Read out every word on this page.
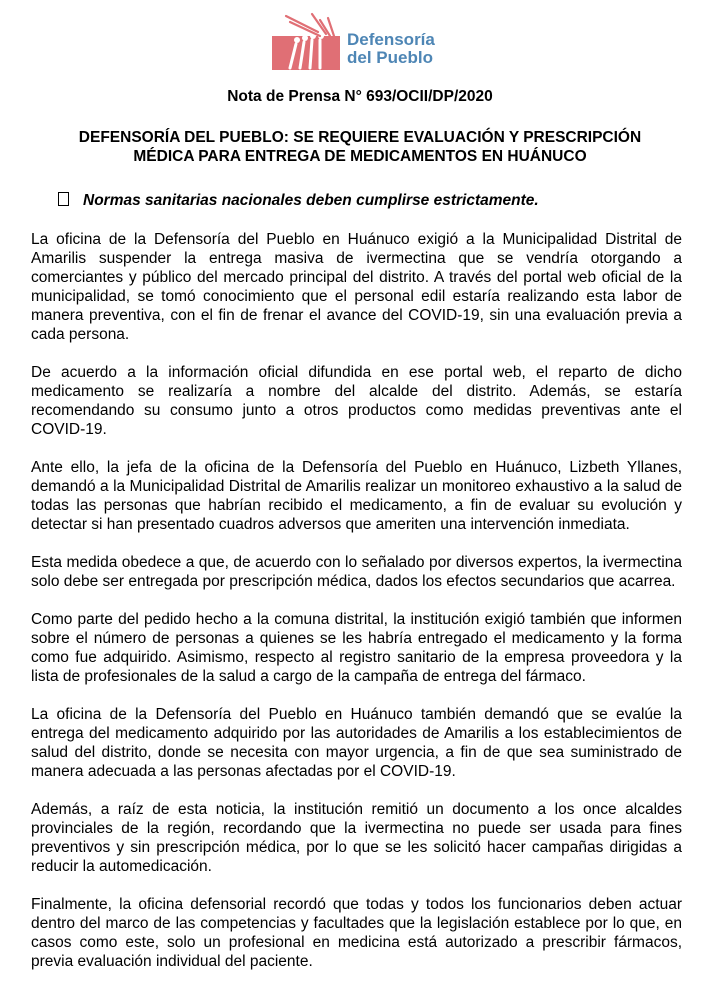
Defensoría
del Pueblo
Nota de Prensa N° 693/OCII/DP/2020
DEFENSORÍA DEL PUEBLO: SE REQUIERE EVALUACIÓN Y PRESCRIPCIÓN
MÉDICA PARA ENTREGA DE MEDICAMENTOS EN HUÁNUCO
Normas sanitarias nacionales deben cumplirse estrictamente.

La oficina de la Defensoría del Pueblo en Huánuco exigió a la Municipalidad Distrital de Amarilis suspender la entrega masiva de ivermectina que se vendría otorgando a comerciantes y público del mercado principal del distrito. A través del portal web oficial de la municipalidad, se tomó conocimiento que el personal edil estaría realizando esta labor de manera preventiva, con el fin de frenar el avance del COVID-19, sin una evaluación previa a cada persona.

De acuerdo a la información oficial difundida en ese portal web, el reparto de dicho medicamento se realizaría a nombre del alcalde del distrito. Además, se estaría recomendando su consumo junto a otros productos como medidas preventivas ante el COVID-19.

Ante ello, la jefa de la oficina de la Defensoría del Pueblo en Huánuco, Lizbeth Yllanes, demandó a la Municipalidad Distrital de Amarilis realizar un monitoreo exhaustivo a la salud de todas las personas que habrían recibido el medicamento, a fin de evaluar su evolución y detectar si han presentado cuadros adversos que ameriten una intervención inmediata.

Esta medida obedece a que, de acuerdo con lo señalado por diversos expertos, la ivermectina solo debe ser entregada por prescripción médica, dados los efectos secundarios que acarrea.

Como parte del pedido hecho a la comuna distrital, la institución exigió también que informen sobre el número de personas a quienes se les habría entregado el medicamento y la forma como fue adquirido. Asimismo, respecto al registro sanitario de la empresa proveedora y la lista de profesionales de la salud a cargo de la campaña de entrega del fármaco.

La oficina de la Defensoría del Pueblo en Huánuco también demandó que se evalúe la entrega del medicamento adquirido por las autoridades de Amarilis a los establecimientos de salud del distrito, donde se necesita con mayor urgencia, a fin de que sea suministrado de manera adecuada a las personas afectadas por el COVID-19.

Además, a raíz de esta noticia, la institución remitió un documento a los once alcaldes provinciales de la región, recordando que la ivermectina no puede ser usada para fines preventivos y sin prescripción médica, por lo que se les solicitó hacer campañas dirigidas a reducir la automedicación.

Finalmente, la oficina defensorial recordó que todas y todos los funcionarios deben actuar dentro del marco de las competencias y facultades que la legislación establece por lo que, en casos como este, solo un profesional en medicina está autorizado a prescribir fármacos, previa evaluación individual del paciente.
